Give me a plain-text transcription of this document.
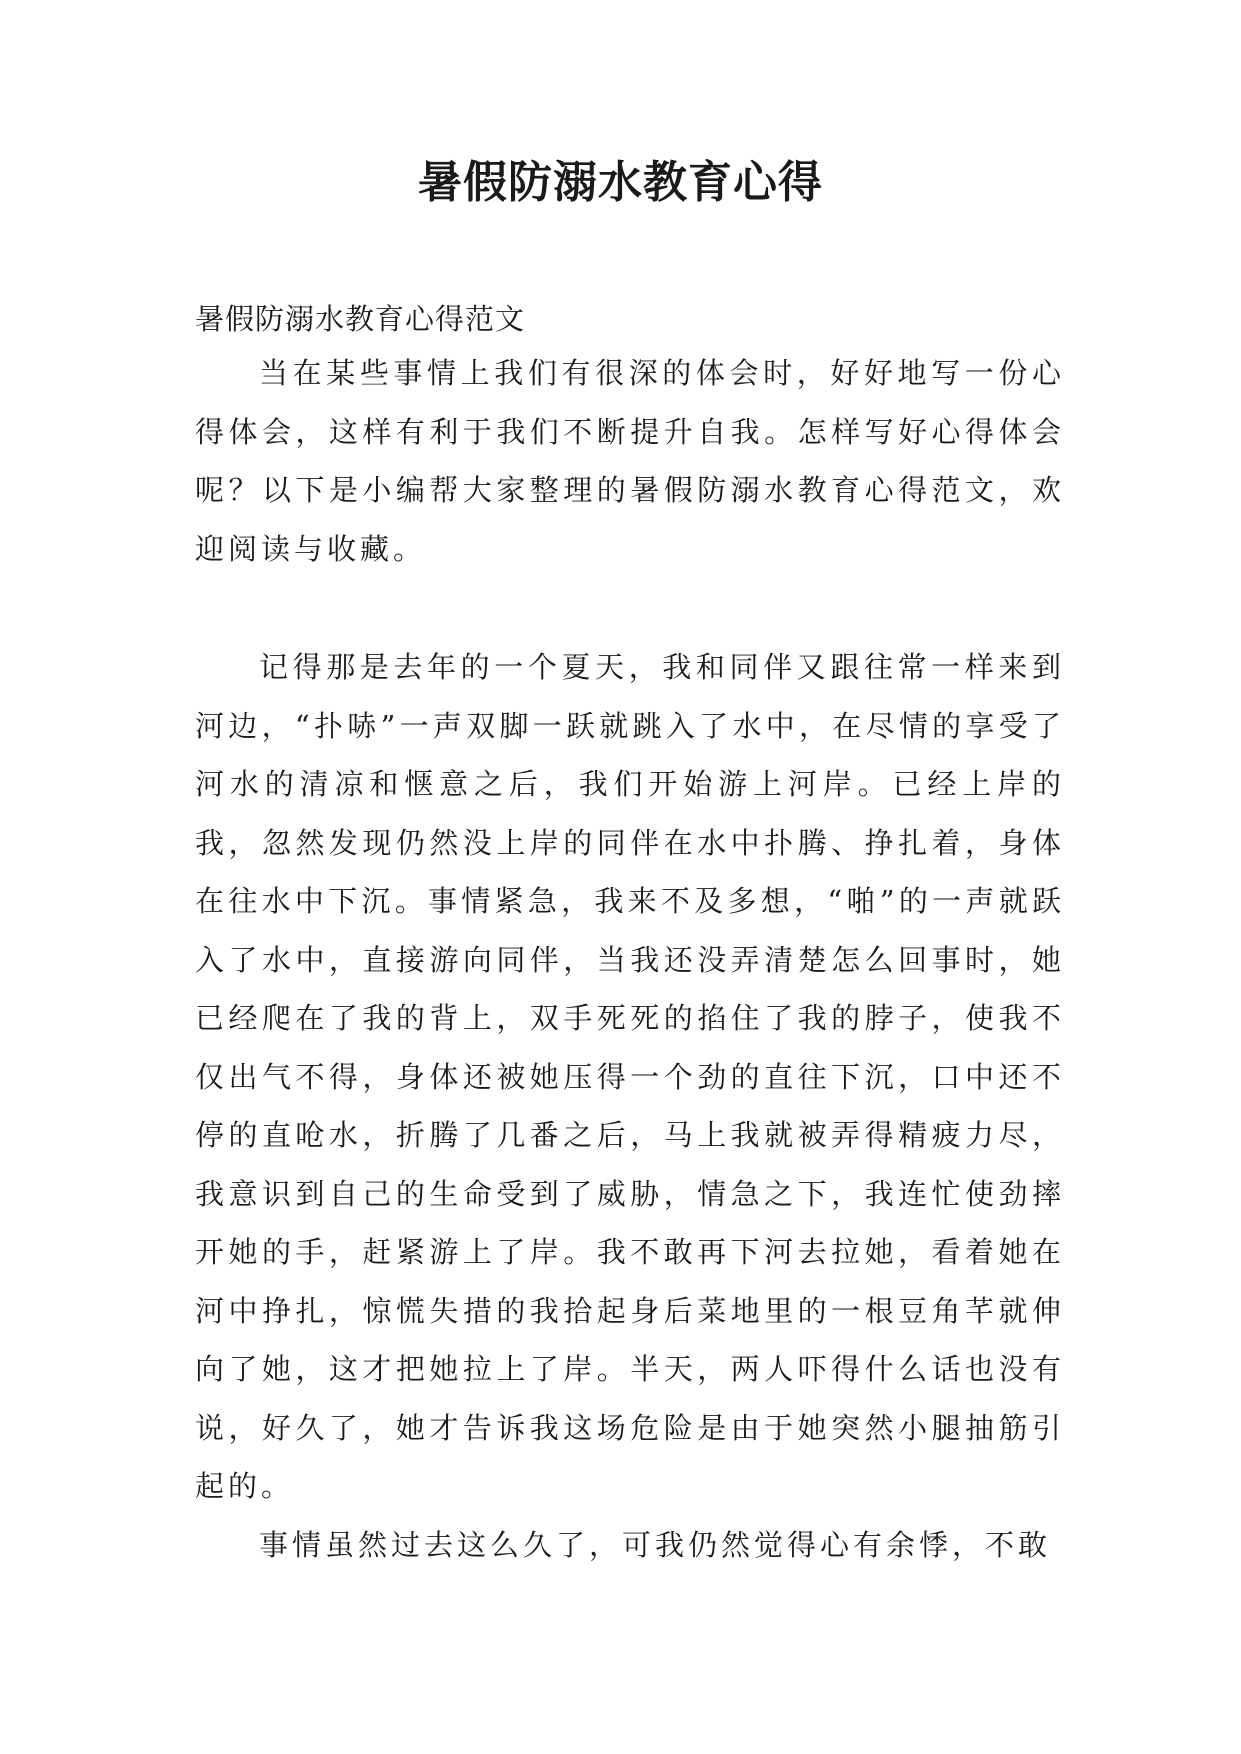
暑假防溺水教育心得
暑假防溺水教育心得范文

当在某些事情上我们有很深的体会时，好好地写一份心得体会，这样有利于我们不断提升自我。怎样写好心得体会呢？以下是小编帮大家整理的暑假防溺水教育心得范文，欢迎阅读与收藏。

记得那是去年的一个夏天，我和同伴又跟往常一样来到河边，“扑哧”一声双脚一跃就跳入了水中，在尽情的享受了河水的清凉和惬意之后，我们开始游上河岸。已经上岸的我，忽然发现仍然没上岸的同伴在水中扑腾、挣扎着，身体在往水中下沉。事情紧急，我来不及多想，“啪”的一声就跃入了水中，直接游向同伴，当我还没弄清楚怎么回事时，她已经爬在了我的背上，双手死死的掐住了我的脖子，使我不仅出气不得，身体还被她压得一个劲的直往下沉，口中还不停的直呛水，折腾了几番之后，马上我就被弄得精疲力尽，我意识到自己的生命受到了威胁，情急之下，我连忙使劲摔开她的手，赶紧游上了岸。我不敢再下河去拉她，看着她在河中挣扎，惊慌失措的我拾起身后菜地里的一根豆角芊就伸向了她，这才把她拉上了岸。半天，两人吓得什么话也没有说，好久了，她才告诉我这场危险是由于她突然小腿抽筋引起的。

事情虽然过去这么久了，可我仍然觉得心有余悸，不敢
